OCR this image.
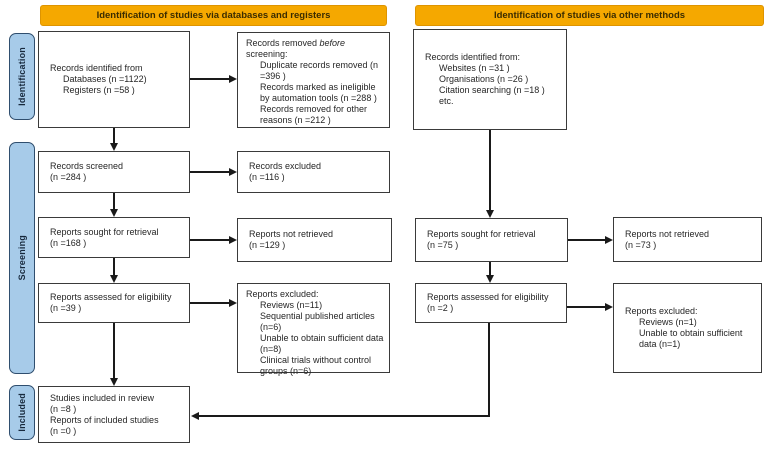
Identification of studies via databases and registers	Identification of studies via other methods
Identification
Screening
Included
Records identified from
Databases (n =1122)
Registers (n =58 )
Records screened
(n =284 )
Reports sought for retrieval
(n =168 )
Reports assessed for eligibility
(n =39 )
Studies included in review
(n =8 )
Reports of included studies
(n =0 )
Records removed before screening:
Duplicate records removed (n =396 )
Records marked as ineligible by automation tools (n =288 )
Records removed for other reasons (n =212 )
Records excluded
(n =116 )
Reports not retrieved
(n =129 )
Reports excluded:
Reviews (n=11)
Sequential published articles (n=6)
Unable to obtain sufficient data (n=8)
Clinical trials without control groups (n=6)
Records identified from:
Websites (n =31 )
Organisations (n =26 )
Citation searching (n =18 )
etc.
Reports sought for retrieval
(n =75 )
Reports assessed for eligibility
(n =2 )
Reports not retrieved
(n =73 )
Reports excluded:
Reviews (n=1)
Unable to obtain sufficient data (n=1)
